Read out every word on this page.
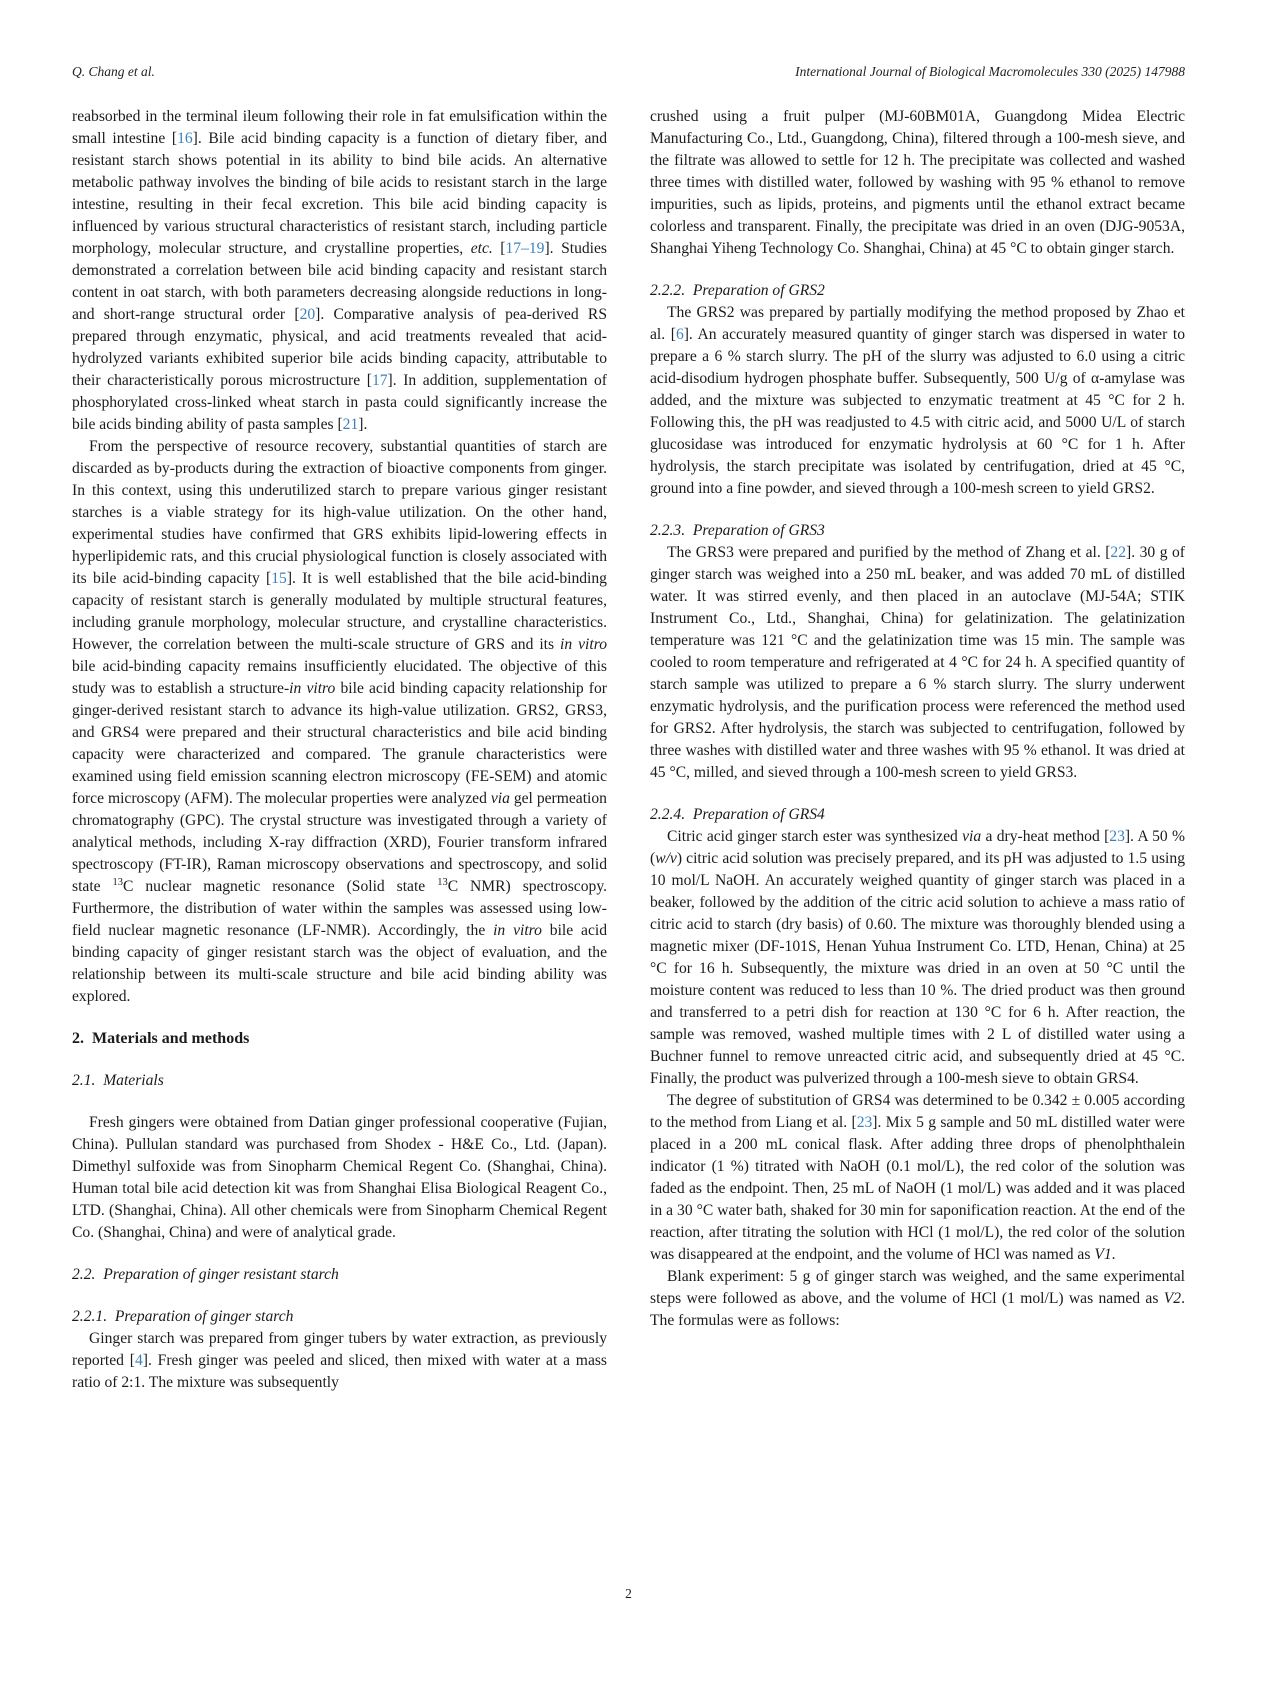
Q. Chang et al.	International Journal of Biological Macromolecules 330 (2025) 147988

reabsorbed in the terminal ileum following their role in fat emulsification within the small intestine [16]. Bile acid binding capacity is a function of dietary fiber, and resistant starch shows potential in its ability to bind bile acids. An alternative metabolic pathway involves the binding of bile acids to resistant starch in the large intestine, resulting in their fecal excretion. This bile acid binding capacity is influenced by various structural characteristics of resistant starch, including particle morphology, molecular structure, and crystalline properties, etc. [17–19]. Studies demonstrated a correlation between bile acid binding capacity and resistant starch content in oat starch, with both parameters decreasing alongside reductions in long- and short-range structural order [20]. Comparative analysis of pea-derived RS prepared through enzymatic, physical, and acid treatments revealed that acid-hydrolyzed variants exhibited superior bile acids binding capacity, attributable to their characteristically porous microstructure [17]. In addition, supplementation of phosphorylated cross-linked wheat starch in pasta could significantly increase the bile acids binding ability of pasta samples [21].

From the perspective of resource recovery, substantial quantities of starch are discarded as by-products during the extraction of bioactive components from ginger. In this context, using this underutilized starch to prepare various ginger resistant starches is a viable strategy for its high-value utilization. On the other hand, experimental studies have confirmed that GRS exhibits lipid-lowering effects in hyperlipidemic rats, and this crucial physiological function is closely associated with its bile acid-binding capacity [15]. It is well established that the bile acid-binding capacity of resistant starch is generally modulated by multiple structural features, including granule morphology, molecular structure, and crystalline characteristics. However, the correlation between the multi-scale structure of GRS and its in vitro bile acid-binding capacity remains insufficiently elucidated. The objective of this study was to establish a structure-in vitro bile acid binding capacity relationship for ginger-derived resistant starch to advance its high-value utilization. GRS2, GRS3, and GRS4 were prepared and their structural characteristics and bile acid binding capacity were characterized and compared. The granule characteristics were examined using field emission scanning electron microscopy (FE-SEM) and atomic force microscopy (AFM). The molecular properties were analyzed via gel permeation chromatography (GPC). The crystal structure was investigated through a variety of analytical methods, including X-ray diffraction (XRD), Fourier transform infrared spectroscopy (FT-IR), Raman microscopy observations and spectroscopy, and solid state $^{13}$C nuclear magnetic resonance (Solid state $^{13}$C NMR) spectroscopy. Furthermore, the distribution of water within the samples was assessed using low-field nuclear magnetic resonance (LF-NMR). Accordingly, the in vitro bile acid binding capacity of ginger resistant starch was the object of evaluation, and the relationship between its multi-scale structure and bile acid binding ability was explored.

2. Materials and methods
2.1. Materials

Fresh gingers were obtained from Datian ginger professional cooperative (Fujian, China). Pullulan standard was purchased from Shodex - H&E Co., Ltd. (Japan). Dimethyl sulfoxide was from Sinopharm Chemical Regent Co. (Shanghai, China). Human total bile acid detection kit was from Shanghai Elisa Biological Reagent Co., LTD. (Shanghai, China). All other chemicals were from Sinopharm Chemical Regent Co. (Shanghai, China) and were of analytical grade.

2.2. Preparation of ginger resistant starch
2.2.1. Preparation of ginger starch

Ginger starch was prepared from ginger tubers by water extraction, as previously reported [4]. Fresh ginger was peeled and sliced, then mixed with water at a mass ratio of 2:1. The mixture was subsequently

crushed using a fruit pulper (MJ-60BM01A, Guangdong Midea Electric Manufacturing Co., Ltd., Guangdong, China), filtered through a 100-mesh sieve, and the filtrate was allowed to settle for 12 h. The precipitate was collected and washed three times with distilled water, followed by washing with 95 % ethanol to remove impurities, such as lipids, proteins, and pigments until the ethanol extract became colorless and transparent. Finally, the precipitate was dried in an oven (DJG-9053A, Shanghai Yiheng Technology Co. Shanghai, China) at 45 °C to obtain ginger starch.

2.2.2. Preparation of GRS2

The GRS2 was prepared by partially modifying the method proposed by Zhao et al. [6]. An accurately measured quantity of ginger starch was dispersed in water to prepare a 6 % starch slurry. The pH of the slurry was adjusted to 6.0 using a citric acid-disodium hydrogen phosphate buffer. Subsequently, 500 U/g of α-amylase was added, and the mixture was subjected to enzymatic treatment at 45 °C for 2 h. Following this, the pH was readjusted to 4.5 with citric acid, and 5000 U/L of starch glucosidase was introduced for enzymatic hydrolysis at 60 °C for 1 h. After hydrolysis, the starch precipitate was isolated by centrifugation, dried at 45 °C, ground into a fine powder, and sieved through a 100-mesh screen to yield GRS2.

2.2.3. Preparation of GRS3

The GRS3 were prepared and purified by the method of Zhang et al. [22]. 30 g of ginger starch was weighed into a 250 mL beaker, and was added 70 mL of distilled water. It was stirred evenly, and then placed in an autoclave (MJ-54A; STIK Instrument Co., Ltd., Shanghai, China) for gelatinization. The gelatinization temperature was 121 °C and the gelatinization time was 15 min. The sample was cooled to room temperature and refrigerated at 4 °C for 24 h. A specified quantity of starch sample was utilized to prepare a 6 % starch slurry. The slurry underwent enzymatic hydrolysis, and the purification process were referenced the method used for GRS2. After hydrolysis, the starch was subjected to centrifugation, followed by three washes with distilled water and three washes with 95 % ethanol. It was dried at 45 °C, milled, and sieved through a 100-mesh screen to yield GRS3.

2.2.4. Preparation of GRS4

Citric acid ginger starch ester was synthesized via a dry-heat method [23]. A 50 % (w/v) citric acid solution was precisely prepared, and its pH was adjusted to 1.5 using 10 mol/L NaOH. An accurately weighed quantity of ginger starch was placed in a beaker, followed by the addition of the citric acid solution to achieve a mass ratio of citric acid to starch (dry basis) of 0.60. The mixture was thoroughly blended using a magnetic mixer (DF-101S, Henan Yuhua Instrument Co. LTD, Henan, China) at 25 °C for 16 h. Subsequently, the mixture was dried in an oven at 50 °C until the moisture content was reduced to less than 10 %. The dried product was then ground and transferred to a petri dish for reaction at 130 °C for 6 h. After reaction, the sample was removed, washed multiple times with 2 L of distilled water using a Buchner funnel to remove unreacted citric acid, and subsequently dried at 45 °C. Finally, the product was pulverized through a 100-mesh sieve to obtain GRS4.

The degree of substitution of GRS4 was determined to be 0.342 ± 0.005 according to the method from Liang et al. [23]. Mix 5 g sample and 50 mL distilled water were placed in a 200 mL conical flask. After adding three drops of phenolphthalein indicator (1 %) titrated with NaOH (0.1 mol/L), the red color of the solution was faded as the endpoint. Then, 25 mL of NaOH (1 mol/L) was added and it was placed in a 30 °C water bath, shaked for 30 min for saponification reaction. At the end of the reaction, after titrating the solution with HCl (1 mol/L), the red color of the solution was disappeared at the endpoint, and the volume of HCl was named as V1.

Blank experiment: 5 g of ginger starch was weighed, and the same experimental steps were followed as above, and the volume of HCl (1 mol/L) was named as V2. The formulas were as follows:

2
